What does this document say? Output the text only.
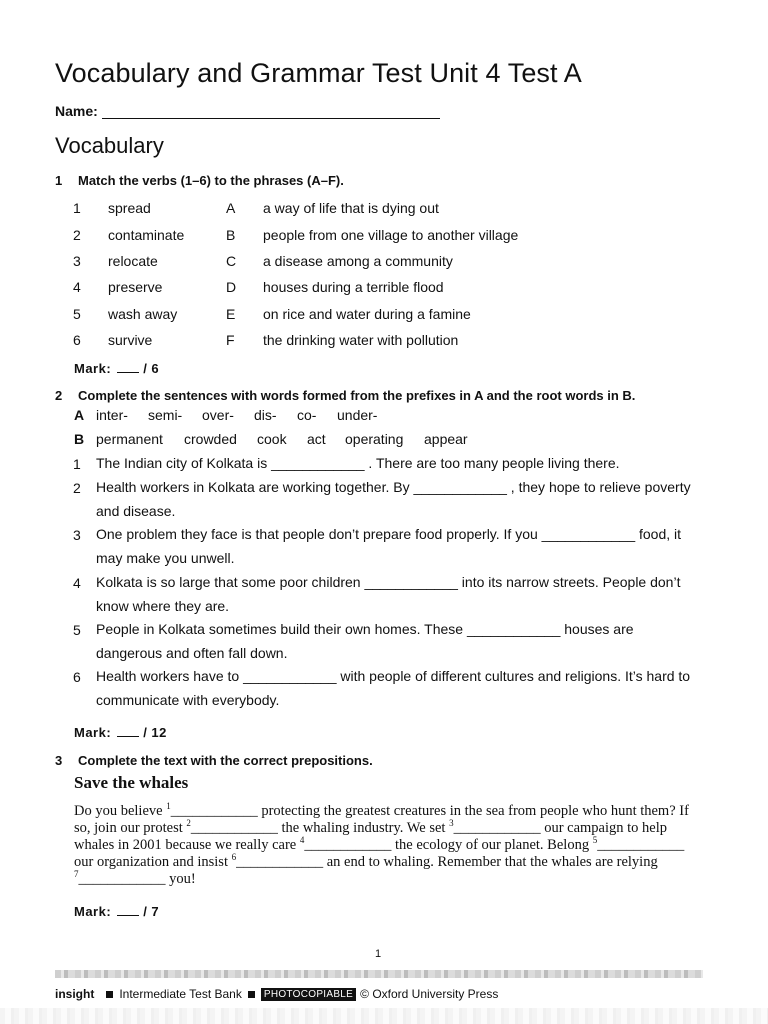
Vocabulary and Grammar Test Unit 4 Test A
Name:
Vocabulary
1 Match the verbs (1–6) to the phrases (A–F).
1 spread	A a way of life that is dying out
2 contaminate	B people from one village to another village
3 relocate	C a disease among a community
4 preserve	D houses during a terrible flood
5 wash away	E on rice and water during a famine
6 survive	F the drinking water with pollution
Mark: / 6
2 Complete the sentences with words formed from the prefixes in A and the root words in B.
A inter- semi- over- dis- co- under-
B permanent crowded cook act operating appear
1 The Indian city of Kolkata is ____________ . There are too many people living there.
2 Health workers in Kolkata are working together. By ____________ , they hope to relieve poverty
and disease.
3 One problem they face is that people don’t prepare food properly. If you ____________ food, it
may make you unwell.
4 Kolkata is so large that some poor children ____________ into its narrow streets. People don’t
know where they are.
5 People in Kolkata sometimes build their own homes. These ____________ houses are
dangerous and often fall down.
6 Health workers have to ____________ with people of different cultures and religions. It’s hard to
communicate with everybody.
Mark: / 12
3 Complete the text with the correct prepositions.
Save the whales
Do you believe $^1$____________ protecting the greatest creatures in the sea from people who hunt them? If so, join our protest $^2$____________ the whaling industry. We set $^3$____________ our campaign to help whales in 2001 because we really care $^4$____________ the ecology of our planet. Belong $^5$____________ our organization and insist $^6$____________ an end to whaling. Remember that the whales are relying $^7$____________ you!
Mark: / 7
1
insight Intermediate Test Bank	PHOTOCOPIABLE © Oxford University Press
